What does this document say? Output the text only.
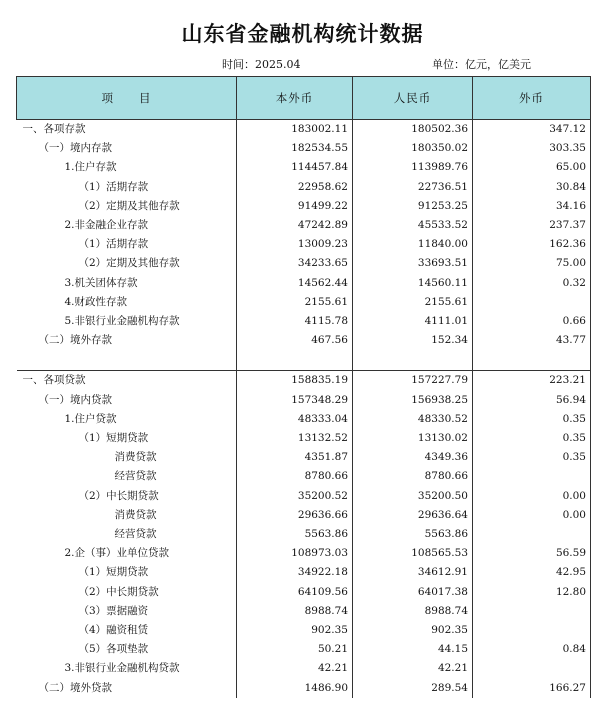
山东省金融机构统计数据
时间：2025.04	单位：亿元，亿美元
项　　目	本外币	人民币	外币
一、各项存款	183002.11	180502.36	347.12
（一）境内存款	182534.55	180350.02	303.35
1.住户存款	114457.84	113989.76	65.00
（1）活期存款	22958.62	22736.51	30.84
（2）定期及其他存款	91499.22	91253.25	34.16
2.非金融企业存款	47242.89	45533.52	237.37
（1）活期存款	13009.23	11840.00	162.36
（2）定期及其他存款	34233.65	33693.51	75.00
3.机关团体存款	14562.44	14560.11	0.32
4.财政性存款	2155.61	2155.61	
5.非银行业金融机构存款	4115.78	4111.01	0.66
（二）境外存款	467.56	152.34	43.77

一、各项贷款	158835.19	157227.79	223.21
（一）境内贷款	157348.29	156938.25	56.94
1.住户贷款	48333.04	48330.52	0.35
（1）短期贷款	13132.52	13130.02	0.35
消费贷款	4351.87	4349.36	0.35
经营贷款	8780.66	8780.66	
（2）中长期贷款	35200.52	35200.50	0.00
消费贷款	29636.66	29636.64	0.00
经营贷款	5563.86	5563.86	
2.企（事）业单位贷款	108973.03	108565.53	56.59
（1）短期贷款	34922.18	34612.91	42.95
（2）中长期贷款	64109.56	64017.38	12.80
（3）票据融资	8988.74	8988.74	
（4）融资租赁	902.35	902.35	
（5）各项垫款	50.21	44.15	0.84
3.非银行业金融机构贷款	42.21	42.21	
（二）境外贷款	1486.90	289.54	166.27
